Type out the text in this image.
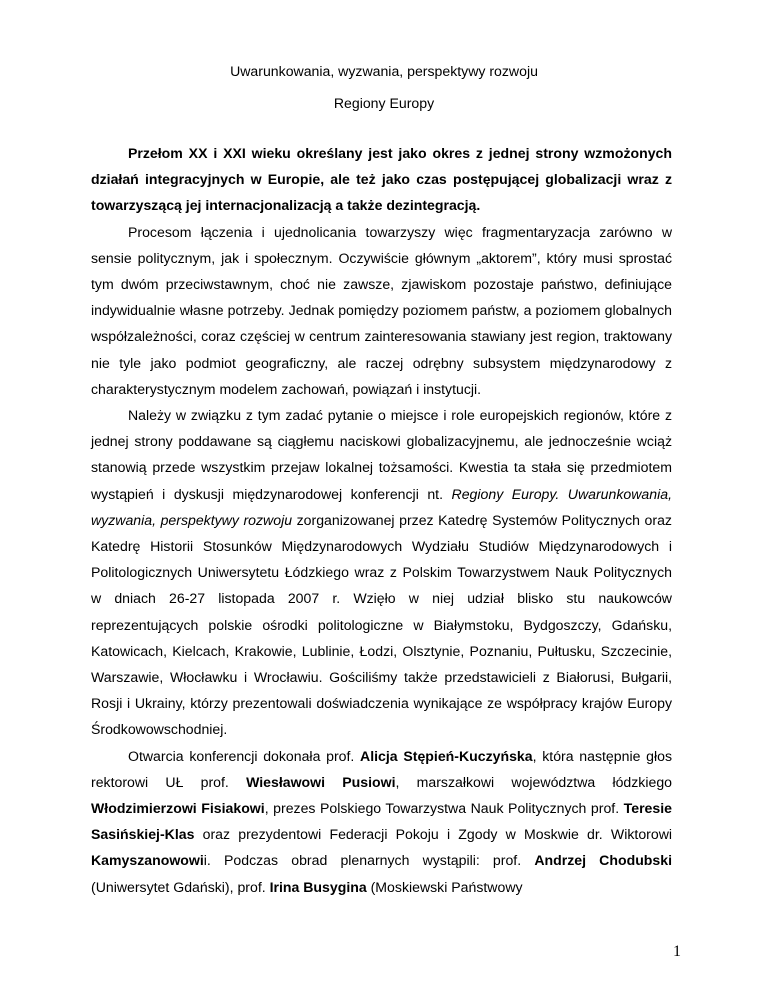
Uwarunkowania, wyzwania, perspektywy rozwoju
Regiony Europy

Przełom XX i XXI wieku określany jest jako okres z jednej strony wzmożonych działań integracyjnych w Europie, ale też jako czas postępującej globalizacji wraz z towarzyszącą jej internacjonalizacją a także dezintegracją.

Procesom łączenia i ujednolicania towarzyszy więc fragmentaryzacja zarówno w sensie politycznym, jak i społecznym. Oczywiście głównym „aktorem”, który musi sprostać tym dwóm przeciwstawnym, choć nie zawsze, zjawiskom pozostaje państwo, definiujące indywidualnie własne potrzeby. Jednak pomiędzy poziomem państw, a poziomem globalnych współzależności, coraz częściej w centrum zainteresowania stawiany jest region, traktowany nie tyle jako podmiot geograficzny, ale raczej odrębny subsystem międzynarodowy z charakterystycznym modelem zachowań, powiązań i instytucji.

Należy w związku z tym zadać pytanie o miejsce i role europejskich regionów, które z jednej strony poddawane są ciągłemu naciskowi globalizacyjnemu, ale jednocześnie wciąż stanowią przede wszystkim przejaw lokalnej tożsamości. Kwestia ta stała się przedmiotem wystąpień i dyskusji międzynarodowej konferencji nt. Regiony Europy. Uwarunkowania, wyzwania, perspektywy rozwoju zorganizowanej przez Katedrę Systemów Politycznych oraz Katedrę Historii Stosunków Międzynarodowych Wydziału Studiów Międzynarodowych i Politologicznych Uniwersytetu Łódzkiego wraz z Polskim Towarzystwem Nauk Politycznych w dniach 26-27 listopada 2007 r. Wzięło w niej udział blisko stu naukowców reprezentujących polskie ośrodki politologiczne w Białymstoku, Bydgoszczy, Gdańsku, Katowicach, Kielcach, Krakowie, Lublinie, Łodzi, Olsztynie, Poznaniu, Pułtusku, Szczecinie, Warszawie, Włocławku i Wrocławiu. Gościliśmy także przedstawicieli z Białorusi, Bułgarii, Rosji i Ukrainy, którzy prezentowali doświadczenia wynikające ze współpracy krajów Europy Środkowowschodniej.

Otwarcia konferencji dokonała prof. Alicja Stępień-Kuczyńska, która następnie głos rektorowi UŁ prof. Wiesławowi Pusiowi, marszałkowi województwa łódzkiego Włodzimierzowi Fisiakowi, prezes Polskiego Towarzystwa Nauk Politycznych prof. Teresie Sasińskiej-Klas oraz prezydentowi Federacji Pokoju i Zgody w Moskwie dr. Wiktorowi Kamyszanowowii. Podczas obrad plenarnych wystąpili: prof. Andrzej Chodubski (Uniwersytet Gdański), prof. Irina Busygina (Moskiewski Państwowy

1
